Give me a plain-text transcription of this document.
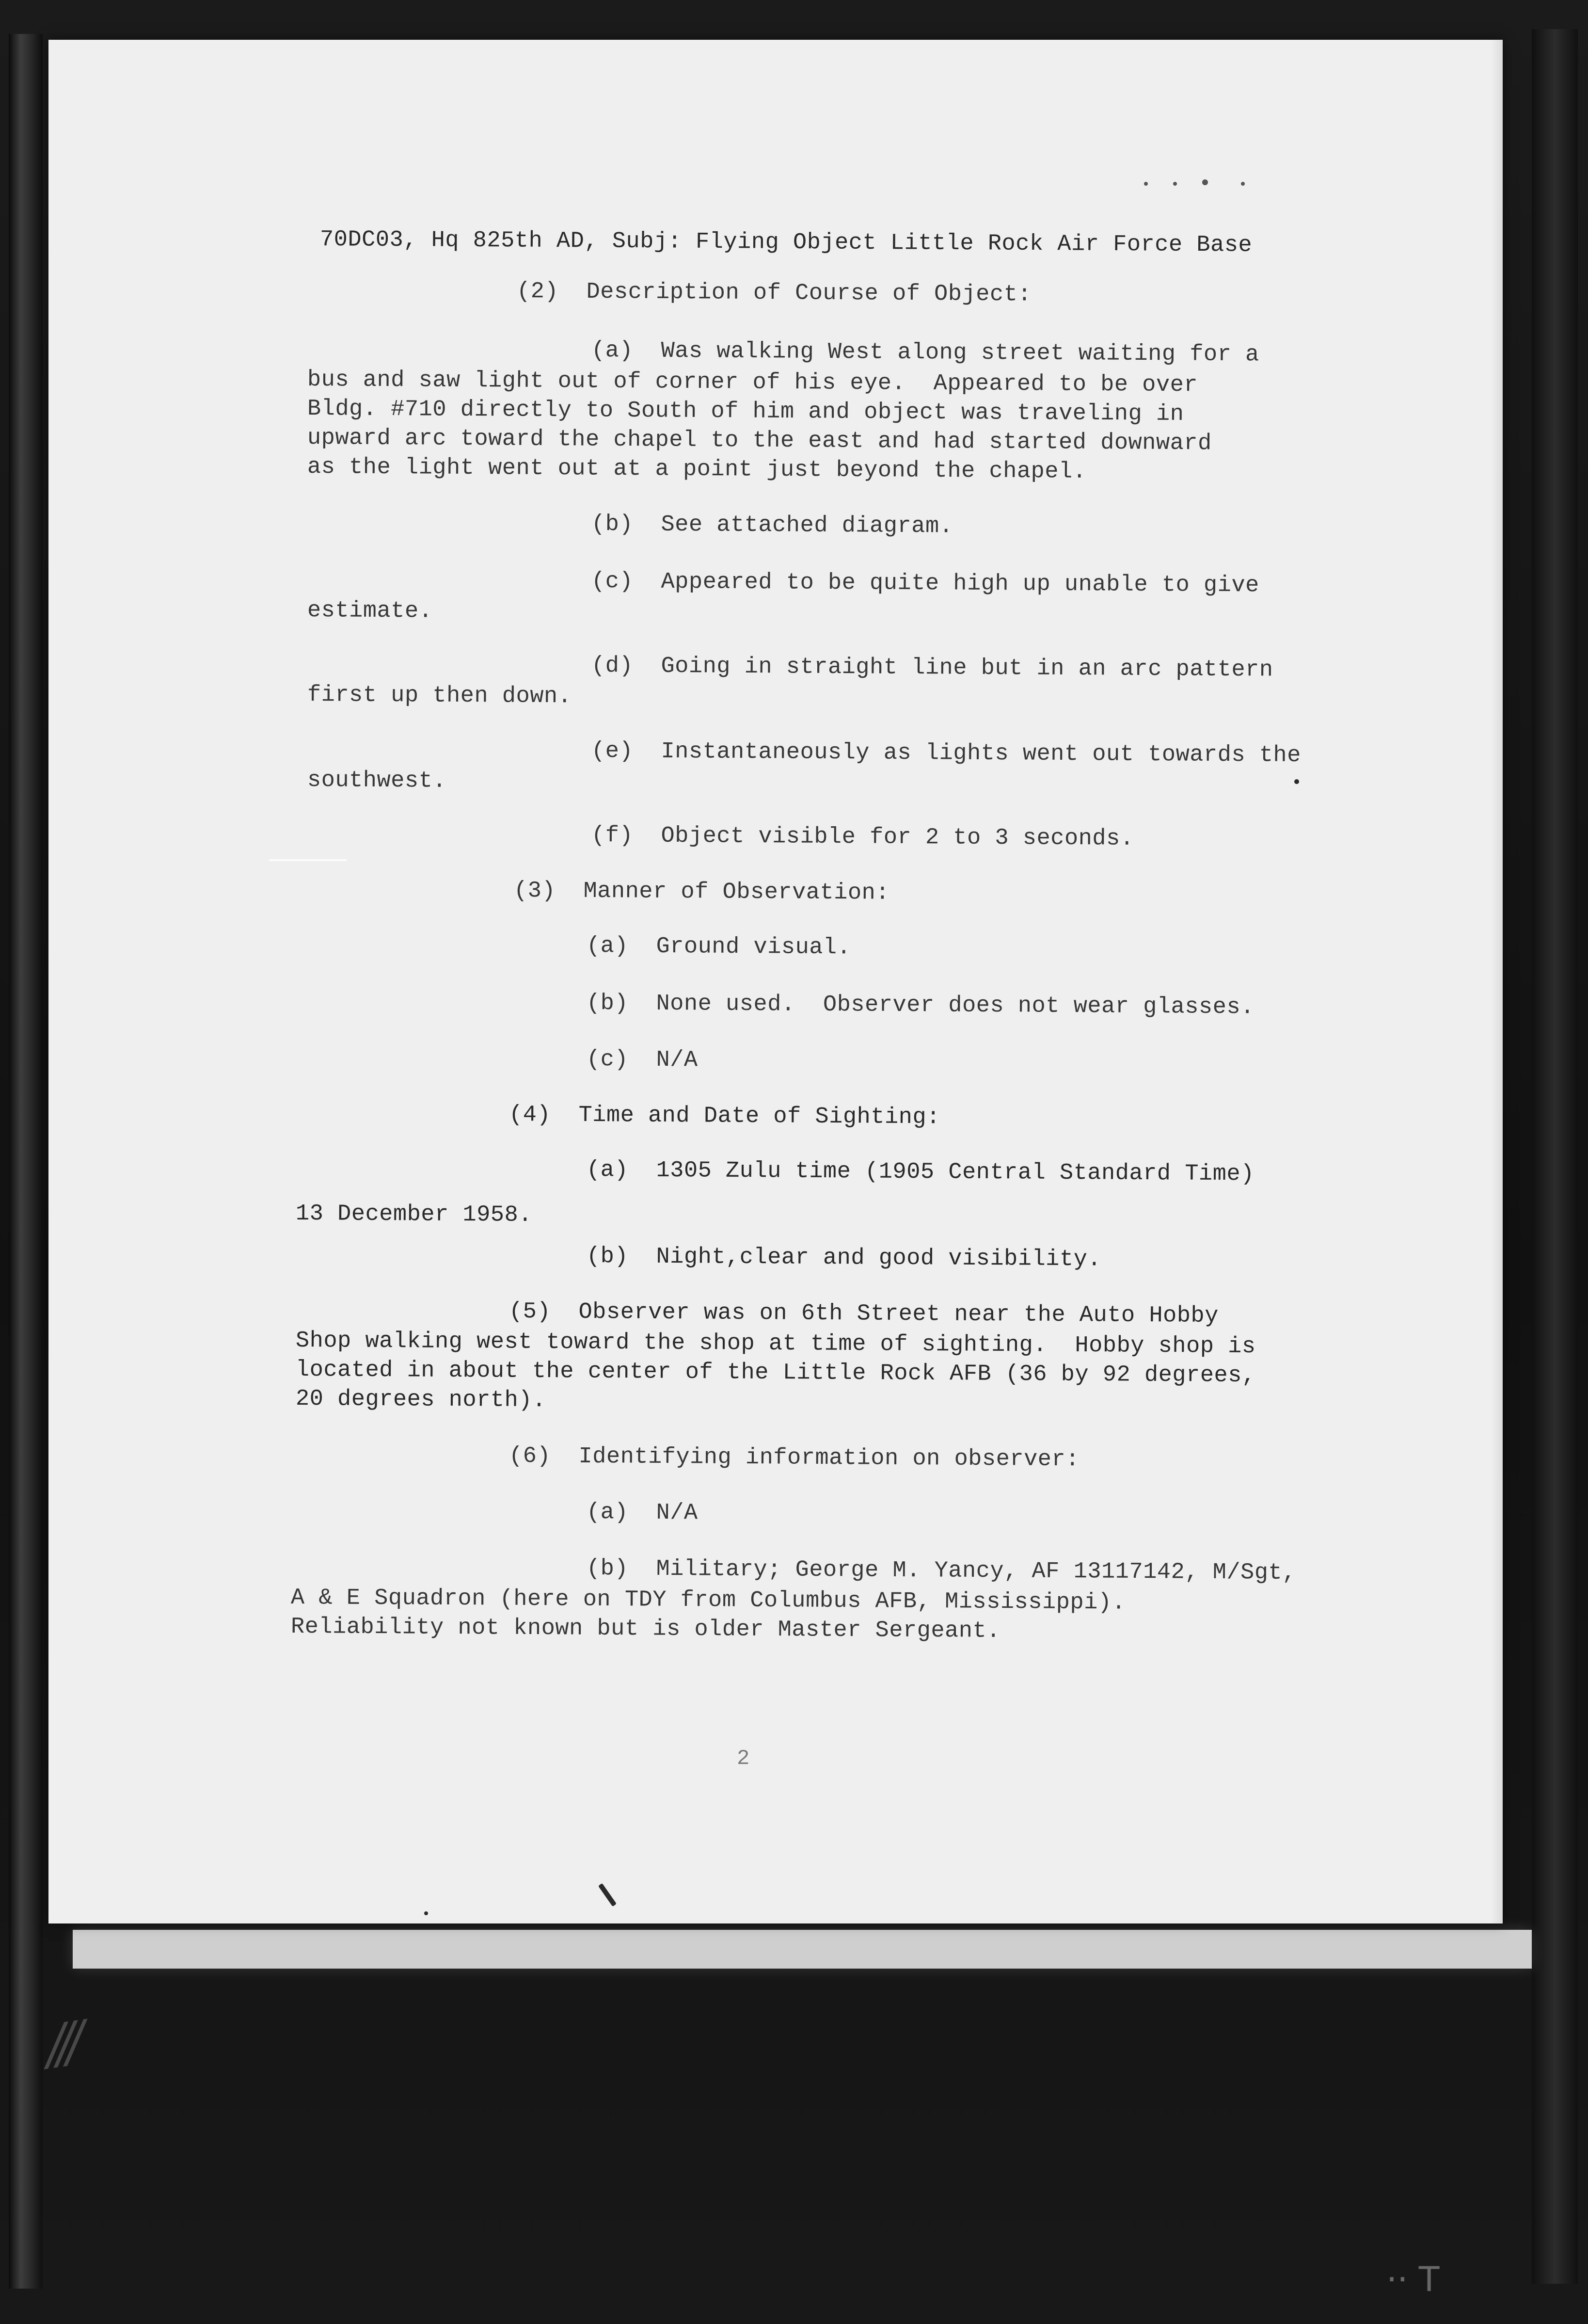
70DC03, Hq 825th AD, Subj: Flying Object Little Rock Air Force Base

(2)  Description of Course of Object:

(a)  Was walking West along street waiting for a

bus and saw light out of corner of his eye.  Appeared to be over

Bldg. #710 directly to South of him and object was traveling in

upward arc toward the chapel to the east and had started downward

as the light went out at a point just beyond the chapel.

(b)  See attached diagram.

(c)  Appeared to be quite high up unable to give

estimate.

(d)  Going in straight line but in an arc pattern

first up then down.

(e)  Instantaneously as lights went out towards the

southwest.

(f)  Object visible for 2 to 3 seconds.

(3)  Manner of Observation:

(a)  Ground visual.

(b)  None used.  Observer does not wear glasses.

(c)  N/A

(4)  Time and Date of Sighting:

(a)  1305 Zulu time (1905 Central Standard Time)

13 December 1958.

(b)  Night,clear and good visibility.

(5)  Observer was on 6th Street near the Auto Hobby

Shop walking west toward the shop at time of sighting.  Hobby shop is

located in about the center of the Little Rock AFB (36 by 92 degrees,

20 degrees north).

(6)  Identifying information on observer:

(a)  N/A

(b)  Military; George M. Yancy, AF 13117142, M/Sgt,

A & E Squadron (here on TDY from Columbus AFB, Mississippi).

Reliability not known but is older Master Sergeant.

2
⁄⁄⁄
·· T
